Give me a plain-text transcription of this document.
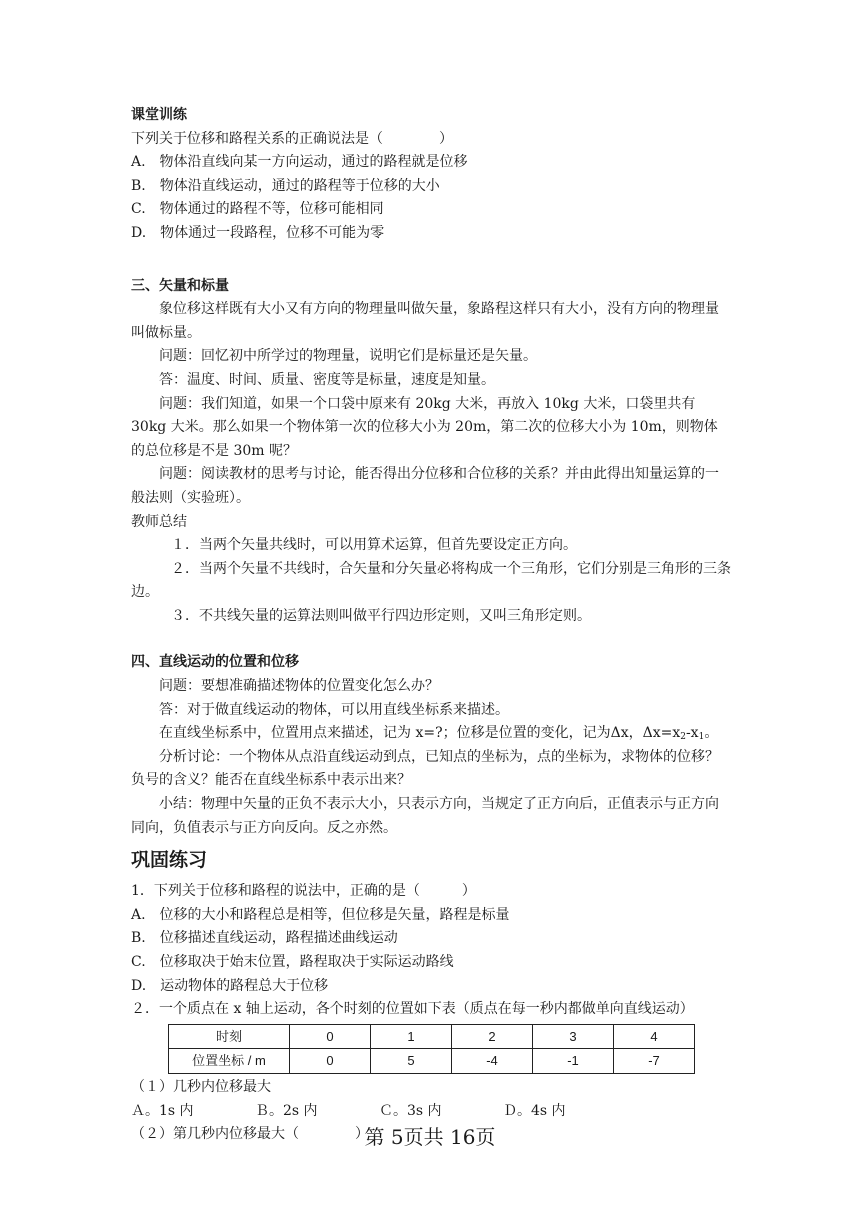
课堂训练

下列关于位移和路程关系的正确说法是（　　　　）

A.　物体沿直线向某一方向运动，通过的路程就是位移

B.　物体沿直线运动，通过的路程等于位移的大小

C.　物体通过的路程不等，位移可能相同

D.　物体通过一段路程，位移不可能为零

三、矢量和标量

象位移这样既有大小又有方向的物理量叫做矢量，象路程这样只有大小，没有方向的物理量叫做标量。

问题：回忆初中所学过的物理量，说明它们是标量还是矢量。

答：温度、时间、质量、密度等是标量，速度是知量。

问题：我们知道，如果一个口袋中原来有 20kg 大米，再放入 10kg 大米，口袋里共有 30kg 大米。那么如果一个物体第一次的位移大小为 20m，第二次的位移大小为 10m，则物体的总位移是不是 30m 呢？

问题：阅读教材的思考与讨论，能否得出分位移和合位移的关系？并由此得出知量运算的一般法则（实验班）。

教师总结

１．当两个矢量共线时，可以用算术运算，但首先要设定正方向。

２．当两个矢量不共线时，合矢量和分矢量必将构成一个三角形，它们分别是三角形的三条边。

３．不共线矢量的运算法则叫做平行四边形定则，又叫三角形定则。

四、直线运动的位置和位移

问题：要想准确描述物体的位置变化怎么办？

答：对于做直线运动的物体，可以用直线坐标系来描述。

在直线坐标系中，位置用点来描述，记为 x=?；位移是位置的变化，记为Δx，$\Delta x=x_2-x_1$。

分析讨论：一个物体从点沿直线运动到点，已知点的坐标为，点的坐标为，求物体的位移？负号的含义？能否在直线坐标系中表示出来？

小结：物理中矢量的正负不表示大小，只表示方向，当规定了正方向后，正值表示与正方向同向，负值表示与正方向反向。反之亦然。

巩固练习

1．下列关于位移和路程的说法中，正确的是（　　　）

A.　位移的大小和路程总是相等，但位移是矢量，路程是标量

B.　位移描述直线运动，路程描述曲线运动

C.　位移取决于始末位置，路程取决于实际运动路线

D.　运动物体的路程总大于位移

２．一个质点在 x 轴上运动，各个时刻的位置如下表（质点在每一秒内都做单向直线运动）

时刻	0	1	2	3	4
位置坐标 / m	0	5	-4	-1	-7

（１）几秒内位移最大

Ａ。1s 内	Ｂ。2s 内	Ｃ。3s 内	Ｄ。4s 内

（２）第几秒内位移最大（　　　　）

第 5页共 16页
